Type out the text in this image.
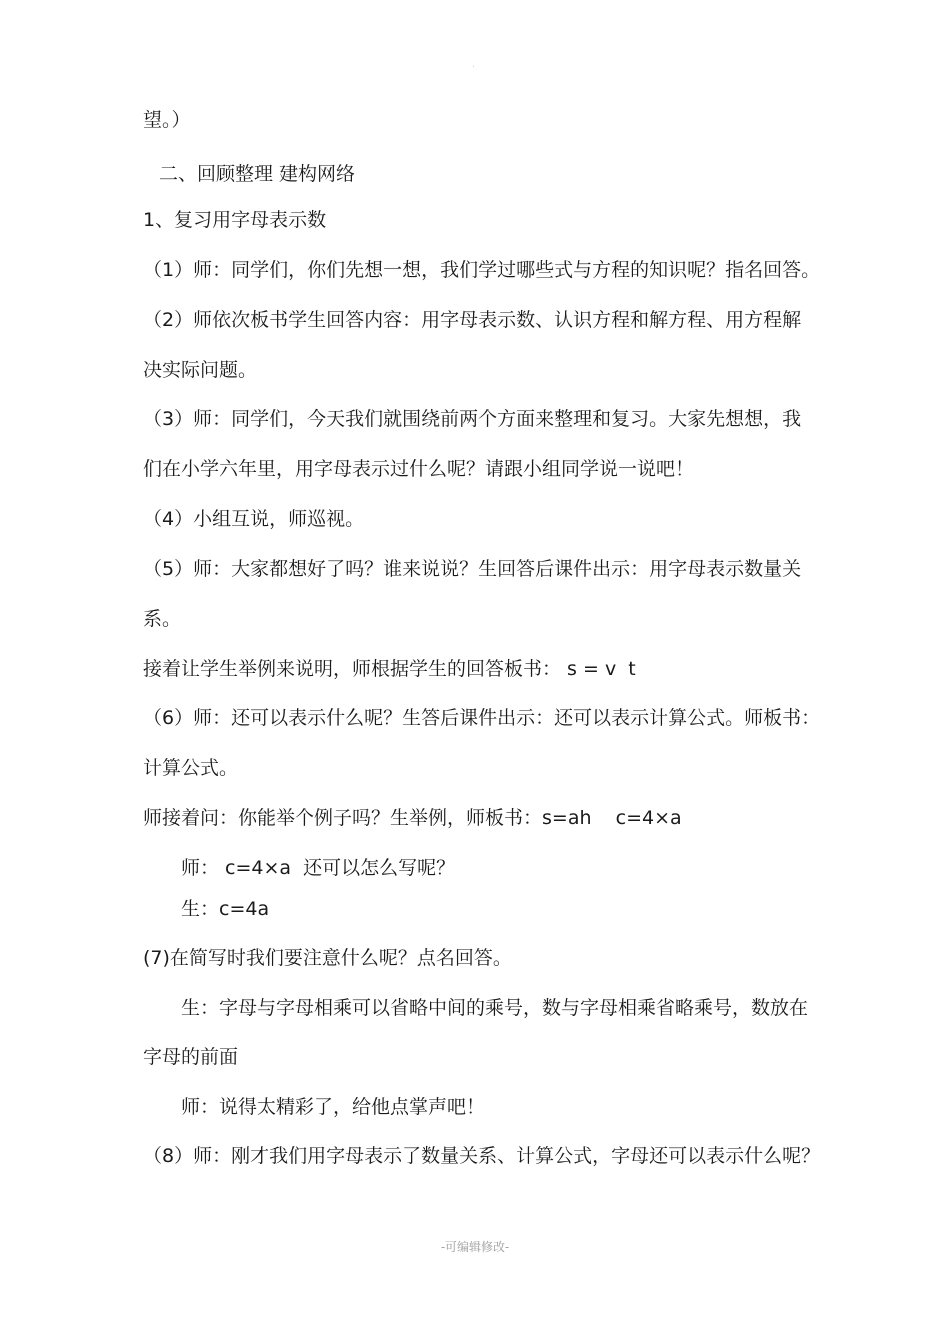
.
望。）
二、回顾整理 建构网络
1、复习用字母表示数
（1）师：同学们，你们先想一想，我们学过哪些式与方程的知识呢？指名回答。
（2）师依次板书学生回答内容：用字母表示数、认识方程和解方程、用方程解
决实际问题。
（3）师：同学们，今天我们就围绕前两个方面来整理和复习。大家先想想，我
们在小学六年里，用字母表示过什么呢？请跟小组同学说一说吧！
（4）小组互说，师巡视。
（5）师：大家都想好了吗？谁来说说？生回答后课件出示：用字母表示数量关
系。
接着让学生举例来说明，师根据学生的回答板书： s = v  t
（6）师：还可以表示什么呢？生答后课件出示：还可以表示计算公式。师板书：
计算公式。
师接着问：你能举个例子吗？生举例，师板书：s=ah    c=4×a
师： c=4×a  还可以怎么写呢？
生：c=4a
(7)在简写时我们要注意什么呢？点名回答。
生：字母与字母相乘可以省略中间的乘号，数与字母相乘省略乘号，数放在
字母的前面
师：说得太精彩了，给他点掌声吧！
（8）师：刚才我们用字母表示了数量关系、计算公式，字母还可以表示什么呢？
-可编辑修改-
